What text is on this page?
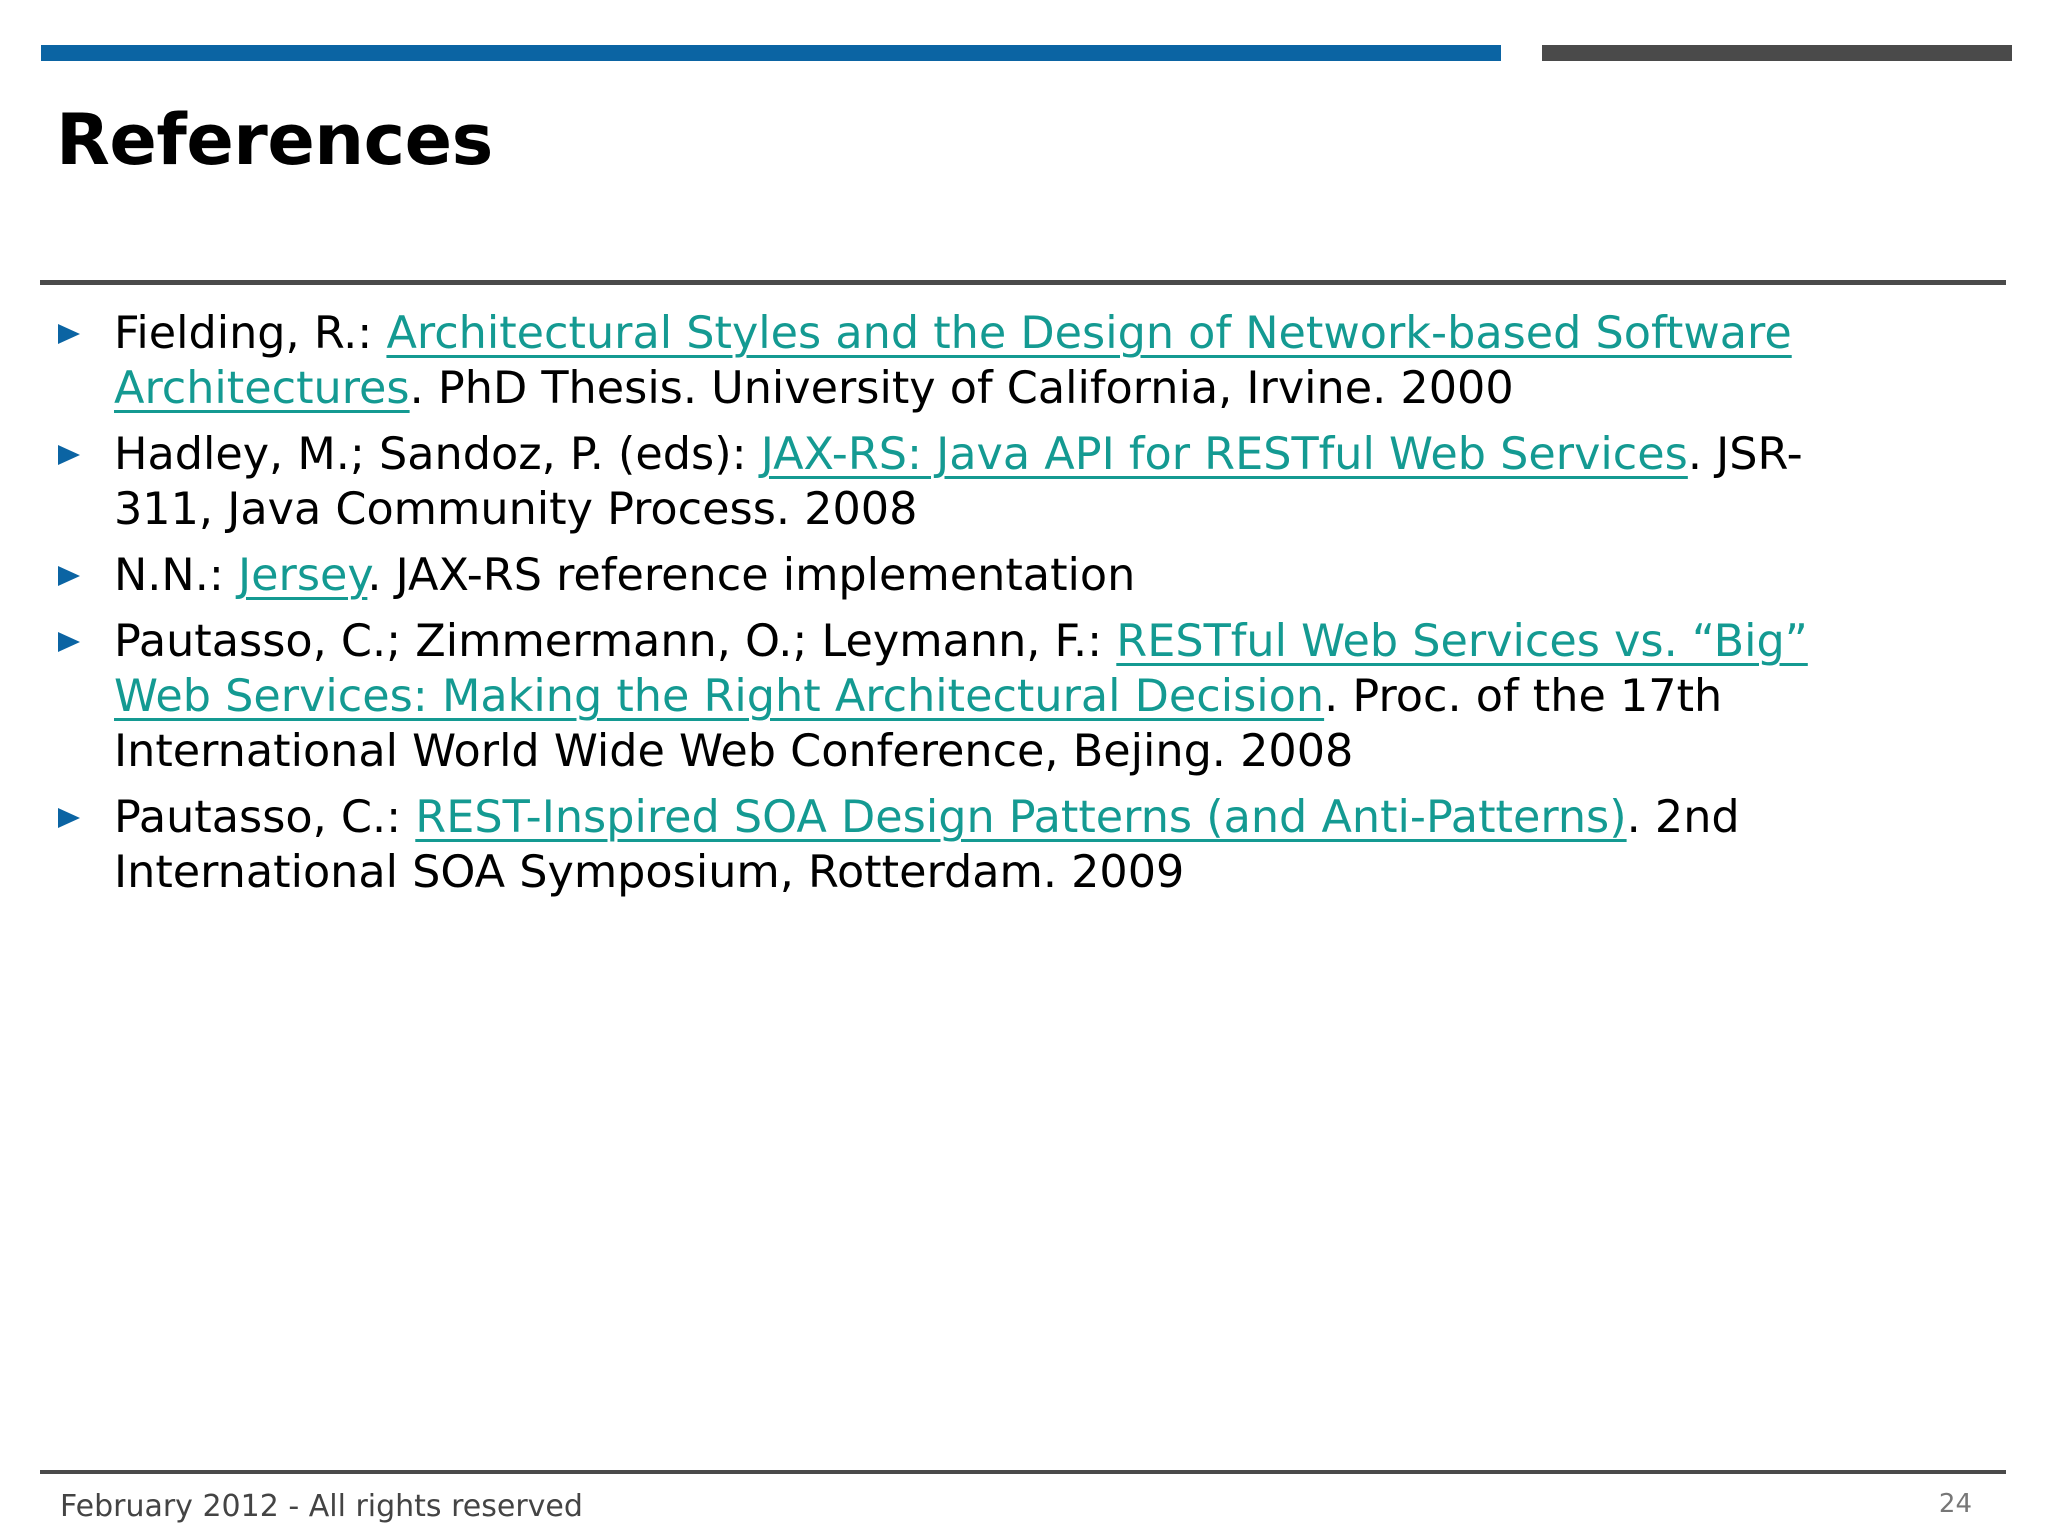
References
Fielding, R.: Architectural Styles and the Design of Network-based Software
Architectures. PhD Thesis. University of California, Irvine. 2000
Hadley, M.; Sandoz, P. (eds): JAX-RS: Java API for RESTful Web Services. JSR-
311, Java Community Process. 2008
N.N.: Jersey. JAX-RS reference implementation
Pautasso, C.; Zimmermann, O.; Leymann, F.: RESTful Web Services vs. “Big”
Web Services: Making the Right Architectural Decision. Proc. of the 17th
International World Wide Web Conference, Bejing. 2008
Pautasso, C.: REST-Inspired SOA Design Patterns (and Anti-Patterns). 2nd
International SOA Symposium, Rotterdam. 2009
February 2012 - All rights reserved	24
